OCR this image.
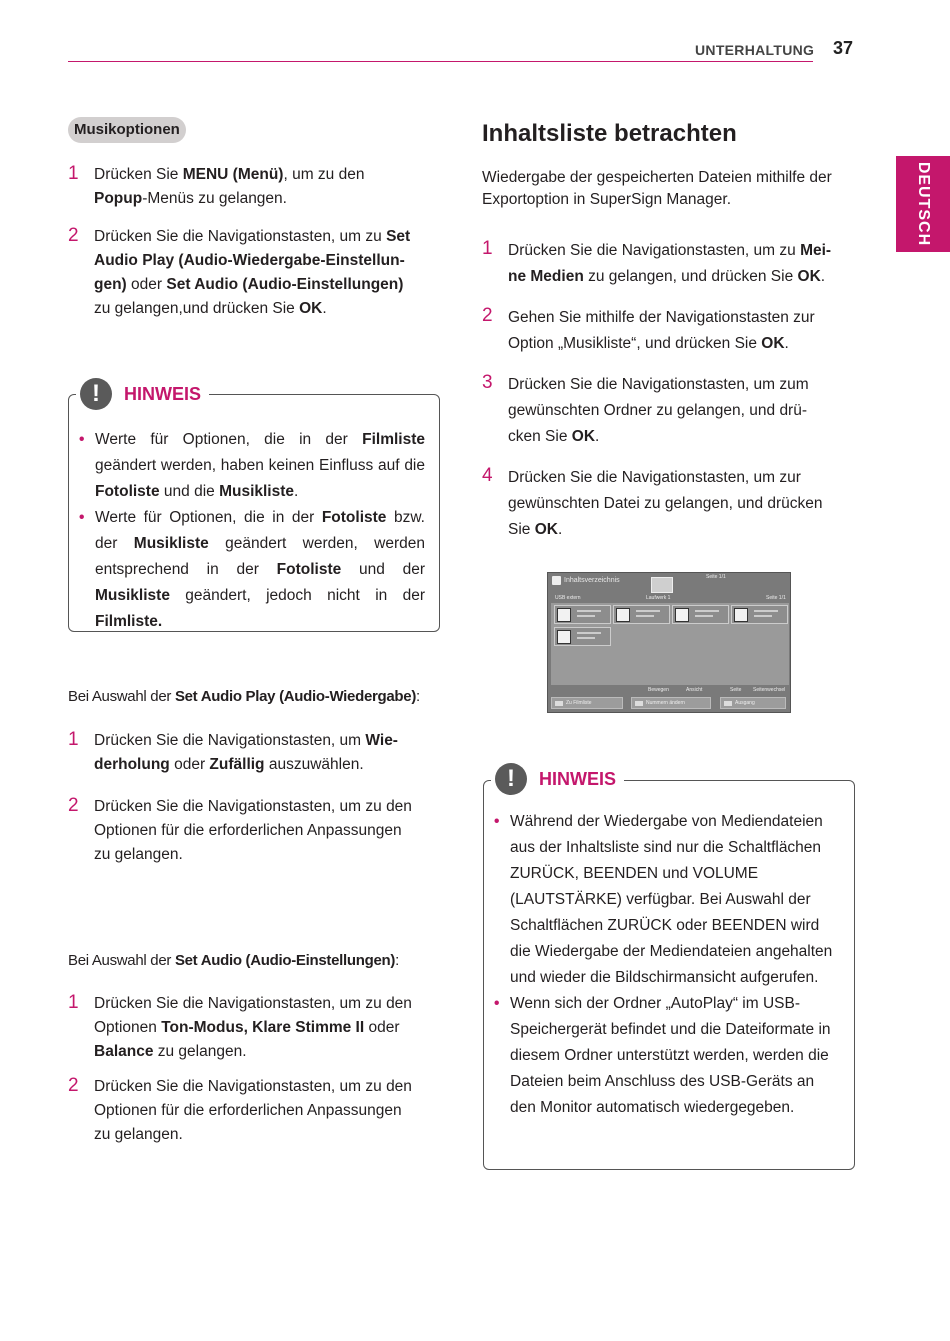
UNTERHALTUNG 37
DEUTSCH
Musikoptionen
1 Drücken Sie MENU (Menü), um zu den
Popup-Menüs zu gelangen.
2 Drücken Sie die Navigationstasten, um zu Set
Audio Play (Audio-Wiedergabe-Einstellun-
gen) oder Set Audio (Audio-Einstellungen)
zu gelangen,und drücken Sie OK.
• Werte für Optionen, die in der Filmliste geändert werden, haben keinen Einfluss auf die Fotoliste und die Musikliste.
• Werte für Optionen, die in der Fotoliste bzw. der Musikliste geändert werden, werden entsprechend in der Fotoliste und der Musikliste geändert, jedoch nicht in der Filmliste.
!	HINWEIS
Bei Auswahl der Set Audio Play (Audio-Wiedergabe):
1 Drücken Sie die Navigationstasten, um Wie-
derholung oder Zufällig auszuwählen.
2 Drücken Sie die Navigationstasten, um zu den
Optionen für die erforderlichen Anpassungen
zu gelangen.
Bei Auswahl der Set Audio (Audio-Einstellungen):
1 Drücken Sie die Navigationstasten, um zu den
Optionen Ton-Modus, Klare Stimme II oder
Balance zu gelangen.
2 Drücken Sie die Navigationstasten, um zu den
Optionen für die erforderlichen Anpassungen
zu gelangen.
Inhaltsliste betrachten
Wiedergabe der gespeicherten Dateien mithilfe der Exportoption in SuperSign Manager.
1 Drücken Sie die Navigationstasten, um zu Mei-
ne Medien zu gelangen, und drücken Sie OK.
2 Gehen Sie mithilfe der Navigationstasten zur
Option „Musikliste“, und drücken Sie OK.
3 Drücken Sie die Navigationstasten, um zum
gewünschten Ordner zu gelangen, und drü-
cken Sie OK.
4 Drücken Sie die Navigationstasten, um zur
gewünschten Datei zu gelangen, und drücken
Sie OK.
Inhaltsverzeichnis	Seite 1/1
USB extern	Laufwerk 1	Seite 1/1
Bewegen	Ansicht	Seite Seitenwechsel
Zu Filmliste	Nummern ändern	Ausgang
• Während der Wiedergabe von Mediendateien aus der Inhaltsliste sind nur die Schaltflächen ZURÜCK, BEENDEN und VOLUME (LAUTSTÄRKE) verfügbar. Bei Auswahl der Schaltflächen ZURÜCK oder BEENDEN wird die Wiedergabe der Mediendateien angehalten und wieder die Bildschirmansicht aufgerufen.
• Wenn sich der Ordner „AutoPlay“ im USB-Speichergerät befindet und die Dateiformate in diesem Ordner unterstützt werden, werden die Dateien beim Anschluss des USB-Geräts an den Monitor automatisch wiedergegeben.
!	HINWEIS
